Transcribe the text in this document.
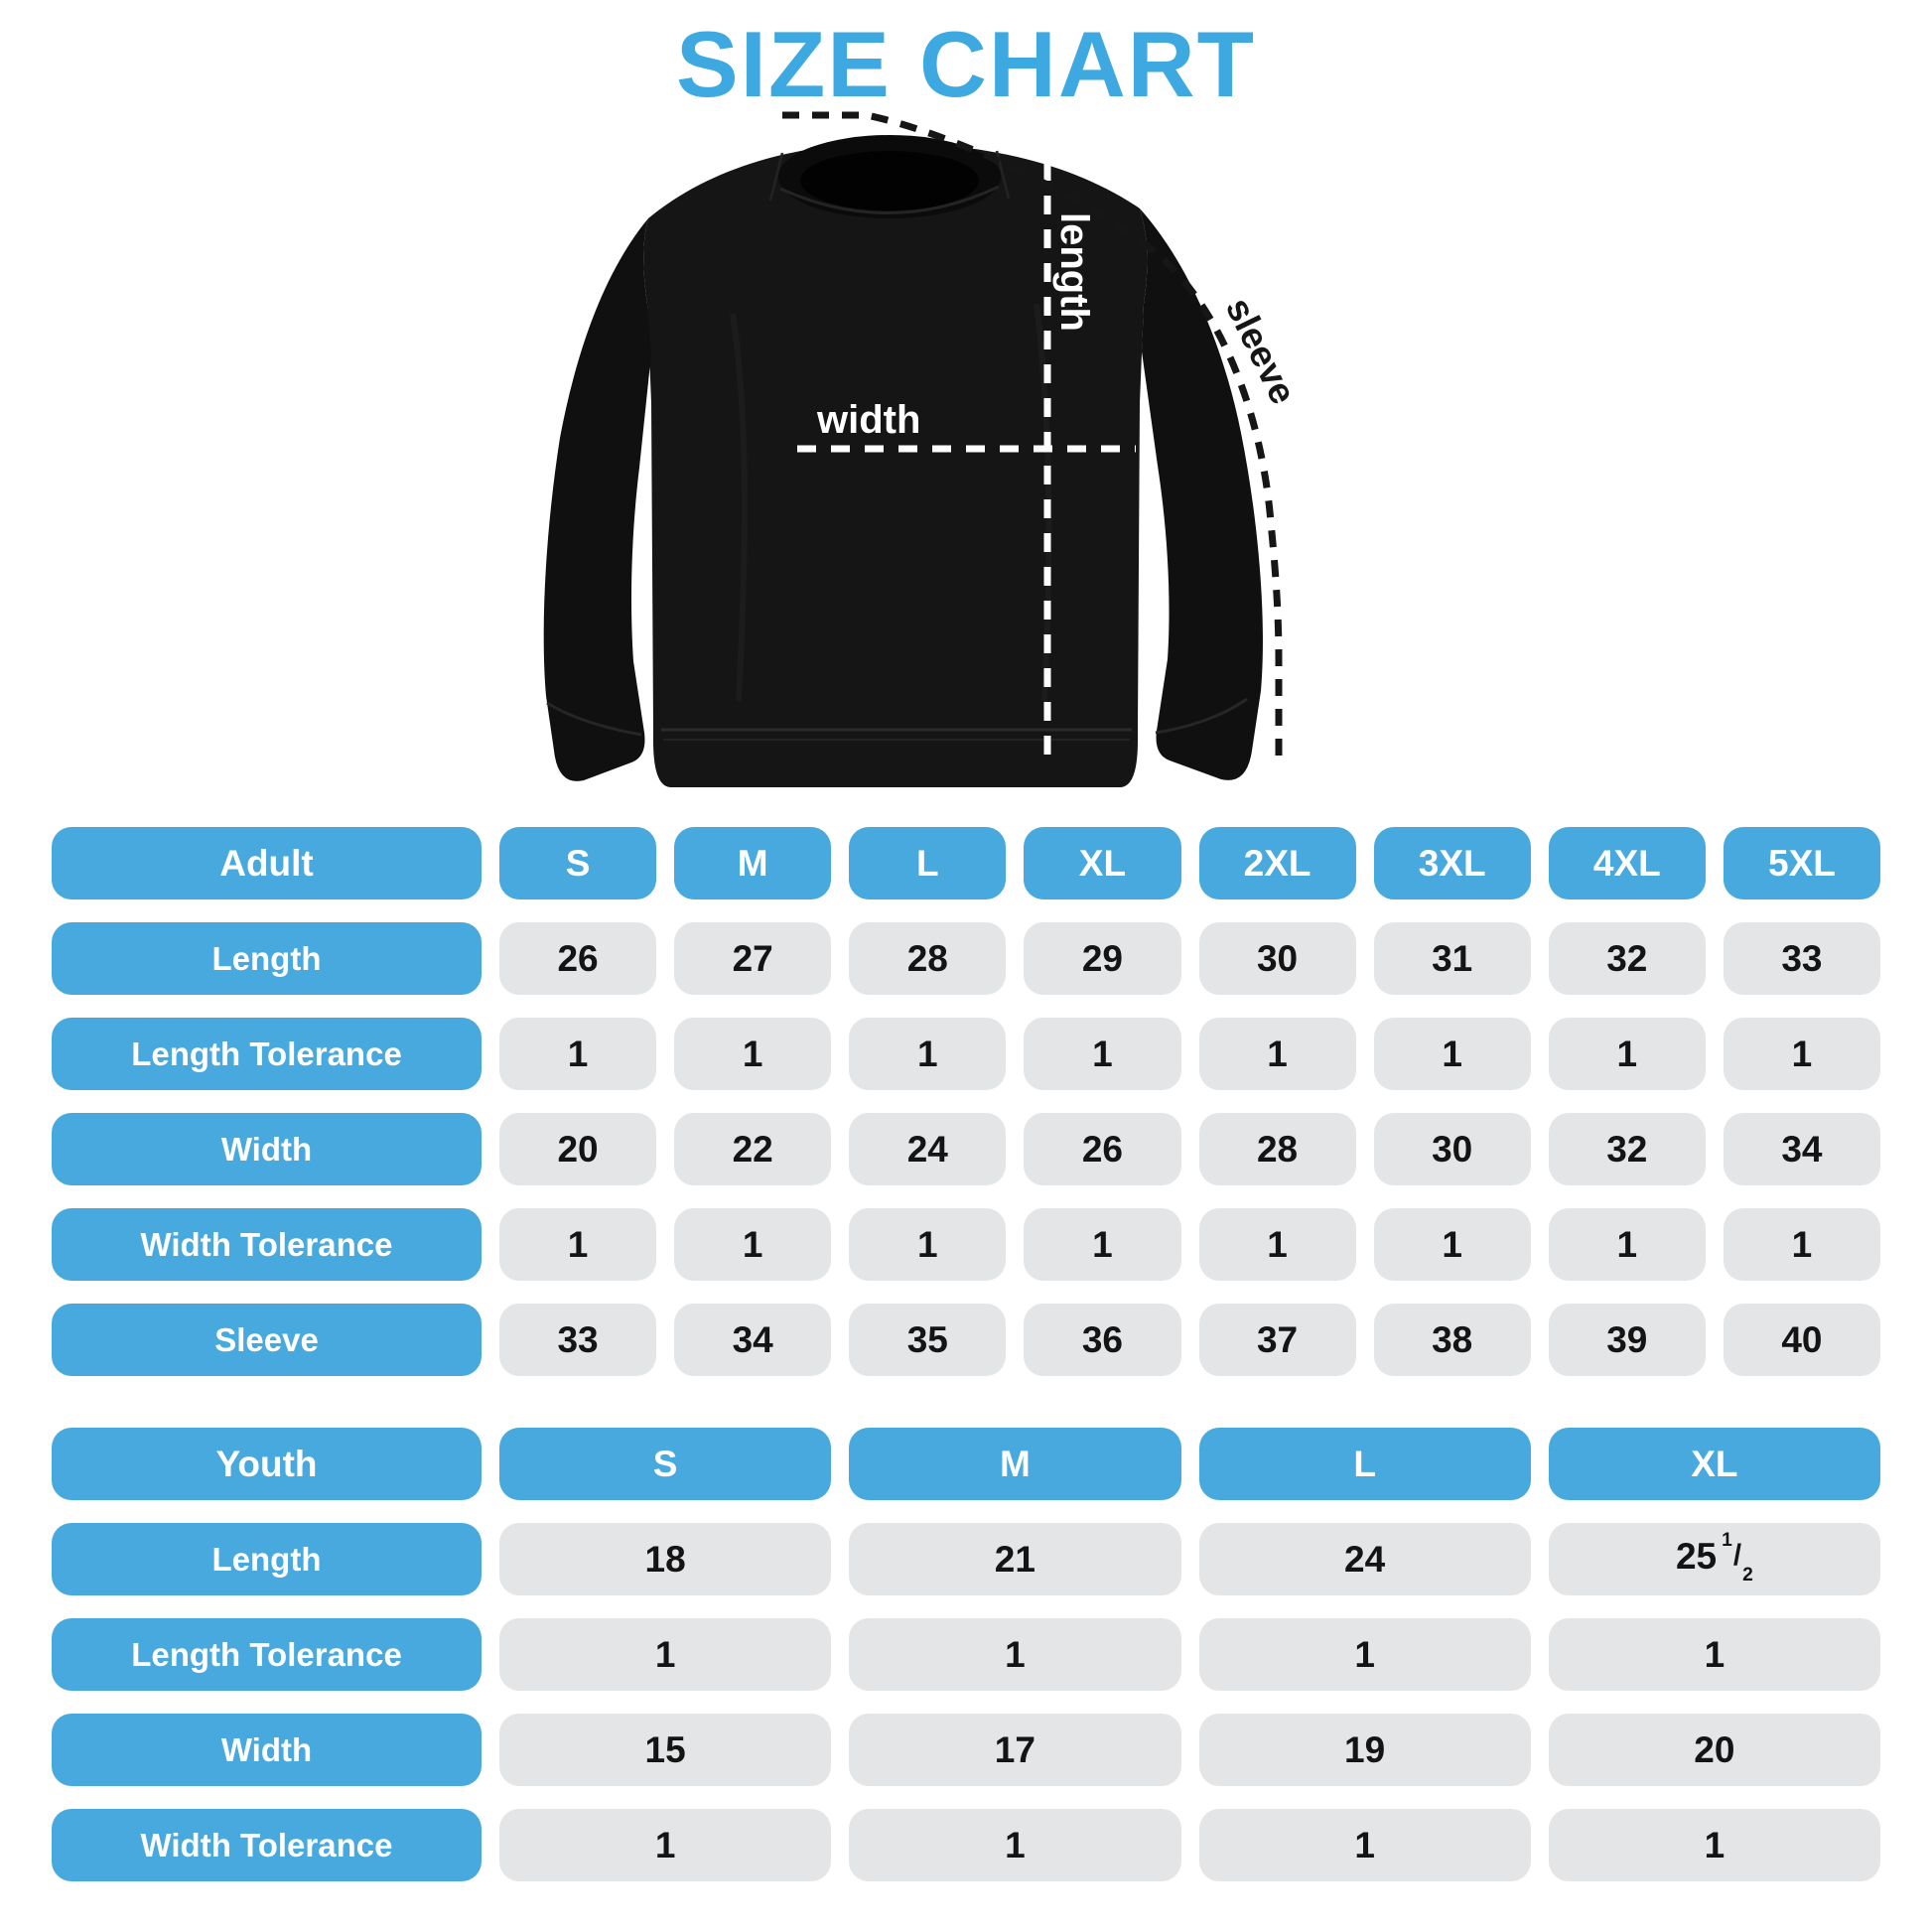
SIZE CHART
width
length
sleeve
Adult	S	M	L	XL	2XL	3XL	4XL	5XL
Length	26	27	28	29	30	31	32	33
Length Tolerance	1	1	1	1	1	1	1	1
Width	20	22	24	26	28	30	32	34
Width Tolerance	1	1	1	1	1	1	1	1
Sleeve	33	34	35	36	37	38	39	40
Youth	S	M	L	XL
Length	18	21	24	25 $^1/_2$
Length Tolerance	1	1	1	1
Width	15	17	19	20
Width Tolerance	1	1	1	1
